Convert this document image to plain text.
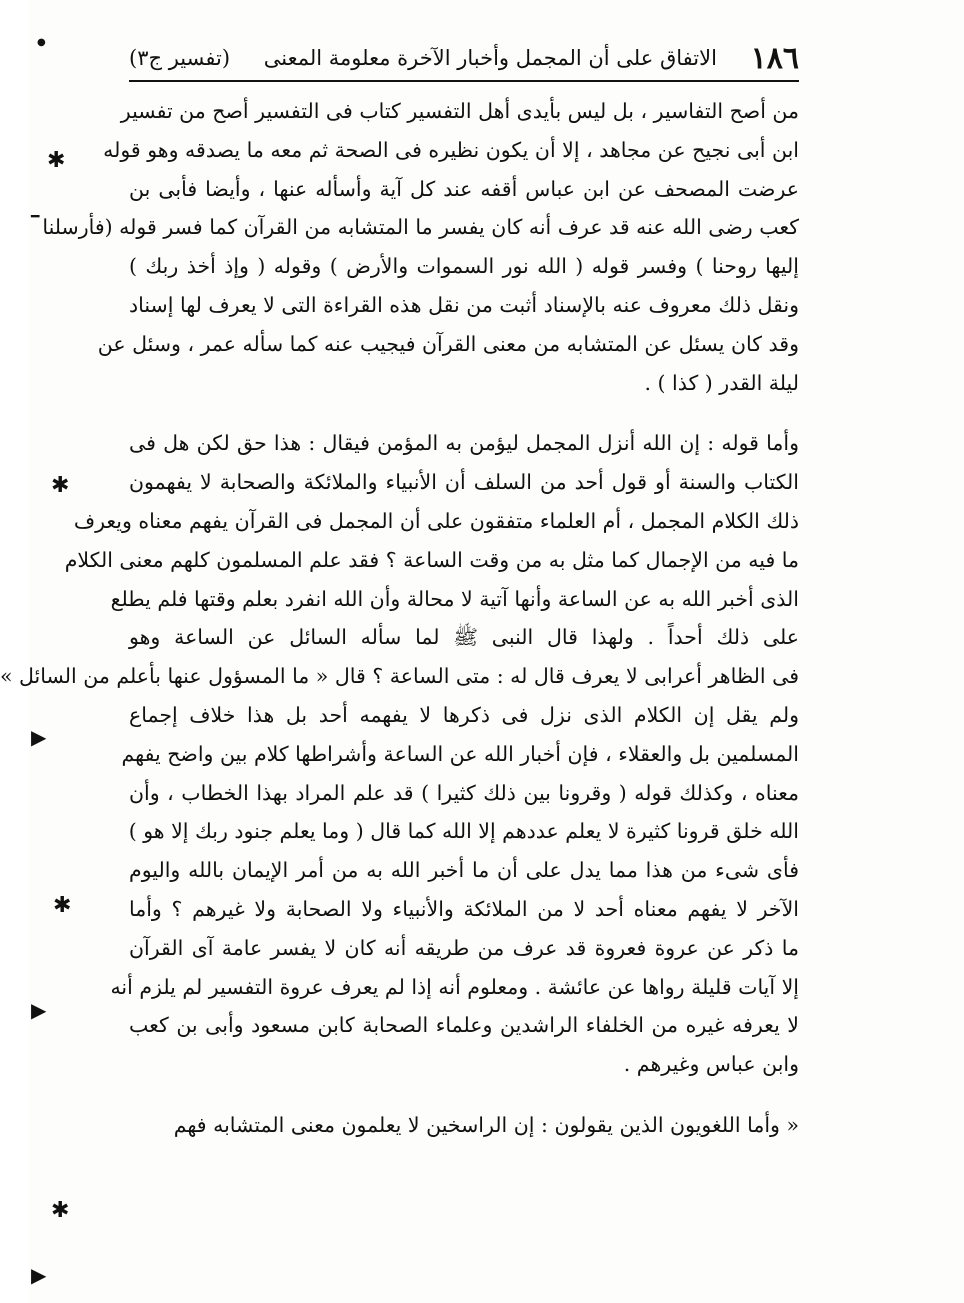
١٨٦
الاتفاق على أن المجمل وأخبار الآخرة معلومة المعنى
(تفسير ج٣)
من أصح التفاسير ، بل ليس بأيدى أهل التفسير كتاب فى التفسير أصح من تفسير
ابن أبى نجيح عن مجاهد ، إلا أن يكون نظيره فى الصحة ثم معه ما يصدقه وهو قوله
عرضت المصحف عن ابن عباس أقفه عند كل آية وأسأله عنها ، وأيضا فأبى بن
كعب رضى الله عنه قد عرف أنه كان يفسر ما المتشابه من القرآن كما فسر قوله (فأرسلنا
إليها روحنا ) وفسر قوله ( الله نور السموات والأرض ) وقوله ( وإذ أخذ ربك )
ونقل ذلك معروف عنه بالإسناد أثبت من نقل هذه القراءة التى لا يعرف لها إسناد
وقد كان يسئل عن المتشابه من معنى القرآن فيجيب عنه كما سأله عمر ، وسئل عن
ليلة القدر ( كذا ) .
وأما قوله : إن الله أنزل المجمل ليؤمن به المؤمن فيقال : هذا حق لكن هل فى
الكتاب والسنة أو قول أحد من السلف أن الأنبياء والملائكة والصحابة لا يفهمون
ذلك الكلام المجمل ، أم العلماء متفقون على أن المجمل فى القرآن يفهم معناه ويعرف
ما فيه من الإجمال كما مثل به من وقت الساعة ؟ فقد علم المسلمون كلهم معنى الكلام
الذى أخبر الله به عن الساعة وأنها آتية لا محالة وأن الله انفرد بعلم وقتها فلم يطلع
على ذلك أحداً . ولهذا قال النبى ﷺ لما سأله السائل عن الساعة وهو
فى الظاهر أعرابى لا يعرف قال له : متى الساعة ؟ قال « ما المسؤول عنها بأعلم من السائل »
ولم يقل إن الكلام الذى نزل فى ذكرها لا يفهمه أحد بل هذا خلاف إجماع
المسلمين بل والعقلاء ، فإن أخبار الله عن الساعة وأشراطها كلام بين واضح يفهم
معناه ، وكذلك قوله ( وقرونا بين ذلك كثيرا ) قد علم المراد بهذا الخطاب ، وأن
الله خلق قرونا كثيرة لا يعلم عددهم إلا الله كما قال ( وما يعلم جنود ربك إلا هو )
فأى شىء من هذا مما يدل على أن ما أخبر الله به من أمر الإيمان بالله واليوم
الآخر لا يفهم معناه أحد لا من الملائكة والأنبياء ولا الصحابة ولا غيرهم ؟ وأما
ما ذكر عن عروة فعروة قد عرف من طريقه أنه كان لا يفسر عامة آى القرآن
إلا آيات قليلة رواها عن عائشة . ومعلوم أنه إذا لم يعرف عروة التفسير لم يلزم أنه
لا يعرفه غيره من الخلفاء الراشدين وعلماء الصحابة كابن مسعود وأبى بن كعب
وابن عباس وغيرهم .
« وأما اللغويون الذين يقولون : إن الراسخين لا يعلمون معنى المتشابه فهم
●
✱
━
✱
▶
✱
▶
✱
▶
